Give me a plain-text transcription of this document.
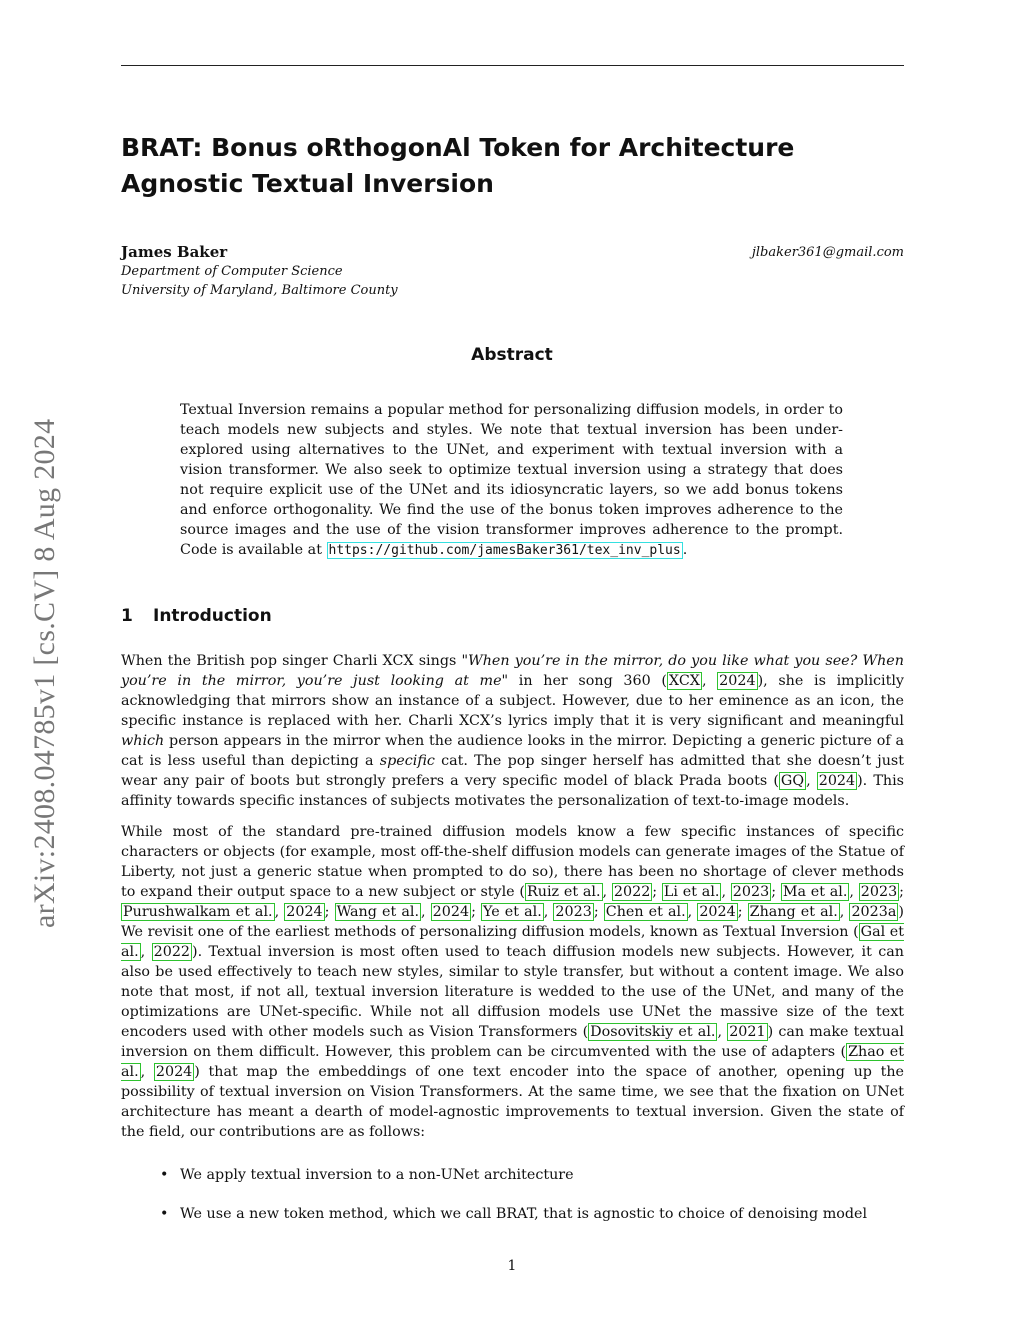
BRAT: Bonus oRthogonAl Token for Architecture Agnostic Textual Inversion
James Baker	jlbaker361@gmail.com
Department of Computer Science
University of Maryland, Baltimore County
arXiv:2408.04785v1 [cs.CV] 8 Aug 2024
Abstract
Textual Inversion remains a popular method for personalizing diffusion models, in order to teach models new subjects and styles. We note that textual inversion has been under-explored using alternatives to the UNet, and experiment with textual inversion with a vision transformer. We also seek to optimize textual inversion using a strategy that does not require explicit use of the UNet and its idiosyncratic layers, so we add bonus tokens and enforce orthogonality. We find the use of the bonus token improves adherence to the source images and the use of the vision transformer improves adherence to the prompt. Code is available at https://github.com/jamesBaker361/tex_inv_plus .
1 Introduction
When the British pop singer Charli XCX sings "When you’re in the mirror, do you like what you see? When you’re in the mirror, you’re just looking at me" in her song 360 ( XCX , 2024 ), she is implicitly acknowledging that mirrors show an instance of a subject. However, due to her eminence as an icon, the specific instance is replaced with her. Charli XCX’s lyrics imply that it is very significant and meaningful which person appears in the mirror when the audience looks in the mirror. Depicting a generic picture of a cat is less useful than depicting a specific cat. The pop singer herself has admitted that she doesn’t just wear any pair of boots but strongly prefers a very specific model of black Prada boots ( GQ , 2024 ). This affinity towards specific instances of subjects motivates the personalization of text-to-image models.
While most of the standard pre-trained diffusion models know a few specific instances of specific characters or objects (for example, most off-the-shelf diffusion models can generate images of the Statue of Liberty, not just a generic statue when prompted to do so), there has been no shortage of clever methods to expand their output space to a new subject or style ( Ruiz et al. , 2022 ; Li et al. , 2023 ; Ma et al. , 2023 ; Purushwalkam et al. , 2024 ; Wang et al. , 2024 ; Ye et al. , 2023 ; Chen et al. , 2024 ; Zhang et al. , 2023a ) We revisit one of the earliest methods of personalizing diffusion models, known as Textual Inversion ( Gal et al. , 2022 ). Textual inversion is most often used to teach diffusion models new subjects. However, it can also be used effectively to teach new styles, similar to style transfer, but without a content image. We also note that most, if not all, textual inversion literature is wedded to the use of the UNet, and many of the optimizations are UNet-specific. While not all diffusion models use UNet the massive size of the text encoders used with other models such as Vision Transformers ( Dosovitskiy et al. , 2021 ) can make textual inversion on them difficult. However, this problem can be circumvented with the use of adapters ( Zhao et al. , 2024 ) that map the embeddings of one text encoder into the space of another, opening up the possibility of textual inversion on Vision Transformers. At the same time, we see that the fixation on UNet architecture has meant a dearth of model-agnostic improvements to textual inversion. Given the state of the field, our contributions are as follows:
• We apply textual inversion to a non-UNet architecture
• We use a new token method, which we call BRAT, that is agnostic to choice of denoising model
1
